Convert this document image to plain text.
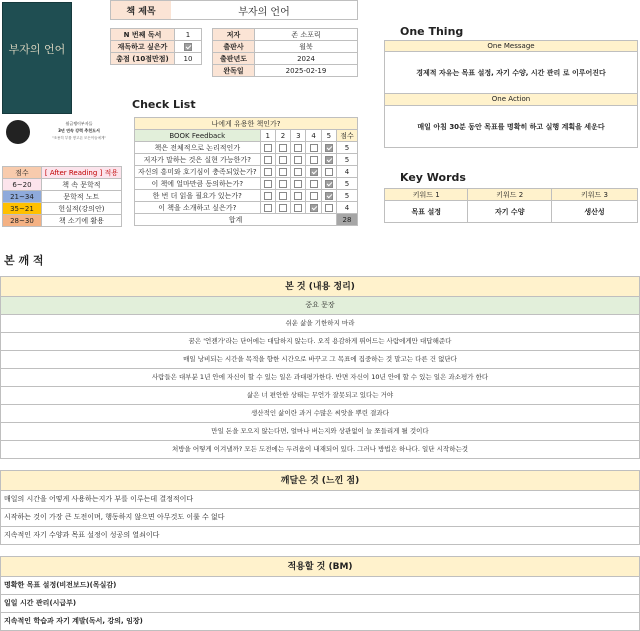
부자의 언어
월급쟁이부자들
3년 연속 강력 추천도서
"조용히 부를 쌓고픈 모든이들에게"
책 제목	부자의 언어
N 번째 독서	1
재독하고 싶은가	
총점 (10점만점)	10
저자	존 소포릭
출판사	윌북
출판년도	2024
완독일	2025-02-19
점수	[ After Reading ] 적용
6~20	책 속 문학적
21~34	문학적 노트
35~21	헌실적(강의안)
28~30	책 소기에 활용
Check List
나에게 유용한 책인가?						
BOOK Feedback	1	2	3	4	5	점수
책은 전체적으로 논리적인가						5
저자가 말하는 것은 실현 가능한가?						5
자신의 흥미와 호기심이 충족되었는가?						4
이 책에 얼마만큼 동의하는가?						5
한 번 더 읽을 필요가 있는가?						5
이 책을 소개하고 싶은가?						4
합계						28
One Thing
One Message
경제적 자유는 목표 설정, 자기 수양, 시간 관리 로 이루어진다
One Action
매일 아침 30분 동안 목표를 명확히 하고 실행 계획을 세운다
Key Words
키워드 1	키워드 2	키워드 3
목표 설정	자기 수양	생산성
본 깨 적
본 것 (내용 정리)
중요 문장
쉬운 삶을 기한하지 마라
꿈은 '언젠가'라는 단어에는 대답하지 않는다. 오직 용감하게 뛰어드는 사람에게만 대답해준다
매일 낭비되는 시간을 목적을 향한 시간으로 바꾸고 그 목표에 집중하는 것 말고는 다른 건 없단다
사람들은 대부분 1년 안에 자신이 할 수 있는 일은 과대평가한다. 반면 자신이 10년 안에 할 수 있는 일은 과소평가 한다
삶은 너 편안한 상태는 무언가 잘못되고 있다는 거야
생산적인 삶이란 과거 수많은 씨앗을 뿌린 결과다
만일 돈을 모으지 않는다면, 얼마나 버는지와 상관없이 늘 쪼들리게 될 것이다
처방을 어떻게 이겨낼까? 모든 도전에는 두려움이 내재되어 있다. 그러나 방법은 하나다. 일단 시작하는것
깨달은 것 (느낀 점)
매일의 시간을 어떻게 사용하는지가 부를 이루는데 결정적이다
시작하는 것이 가장 큰 도전이며, 행동하지 않으면 아무것도 이룰 수 없다
지속적인 자기 수양과 목표 설정이 성공의 열쇠이다
적용할 것 (BM)
명확한 목표 설정(비전보드)(목실감)
일일 시간 관리(시급부)
지속적인 학습과 자기 계발(독서, 강의, 임장)
